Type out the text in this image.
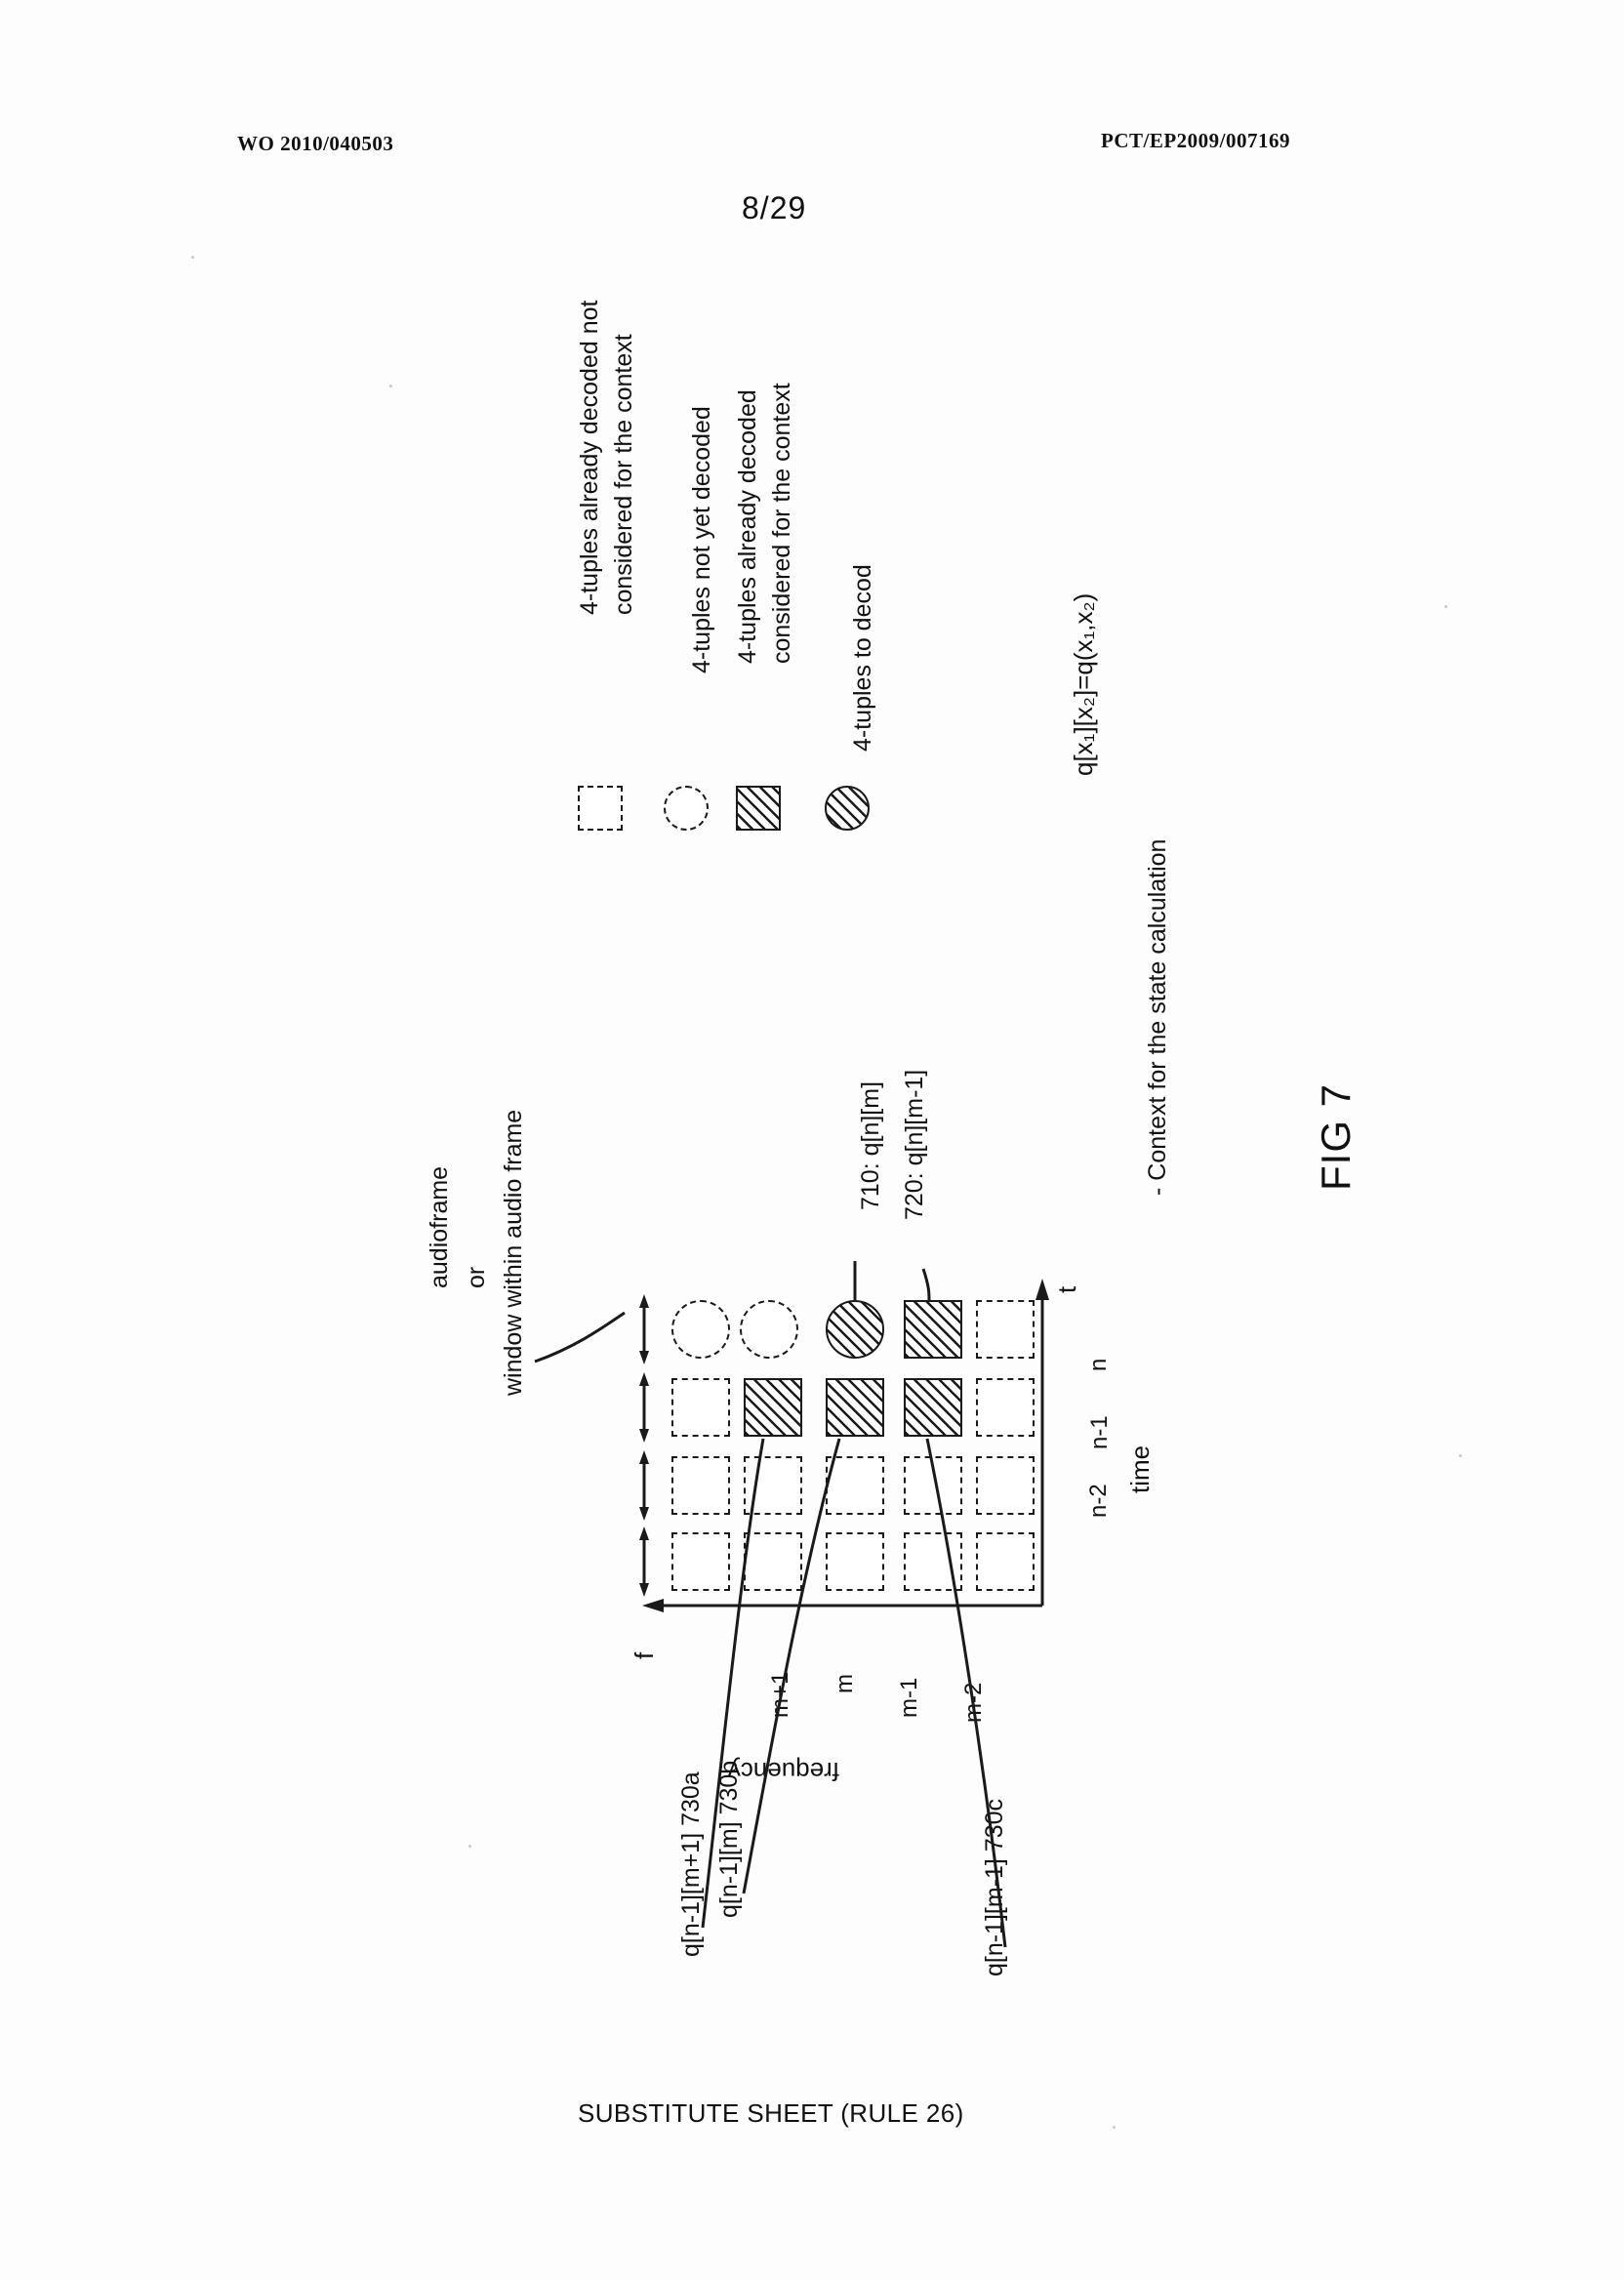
WO 2010/040503	PCT/EP2009/007169
8/29
4-tuples already decoded not considered for the context 4-tuples not yet decoded 4-tuples already decoded considered for the context 4-tuples to decod	q[x₁][x₂]=q(x₁,x₂)
FIG 7
audioframe or window within audio frame
- Context for the state calculation
710: q[n][m] 720: q[n][m-1]
q[n-1][m+1] 730a q[n-1][m] 730b	q[n-1][m-1] 730c
f
t
m+1 m m-1 m-2
frequency
n-2
n-1
n
time
SUBSTITUTE SHEET (RULE 26)
